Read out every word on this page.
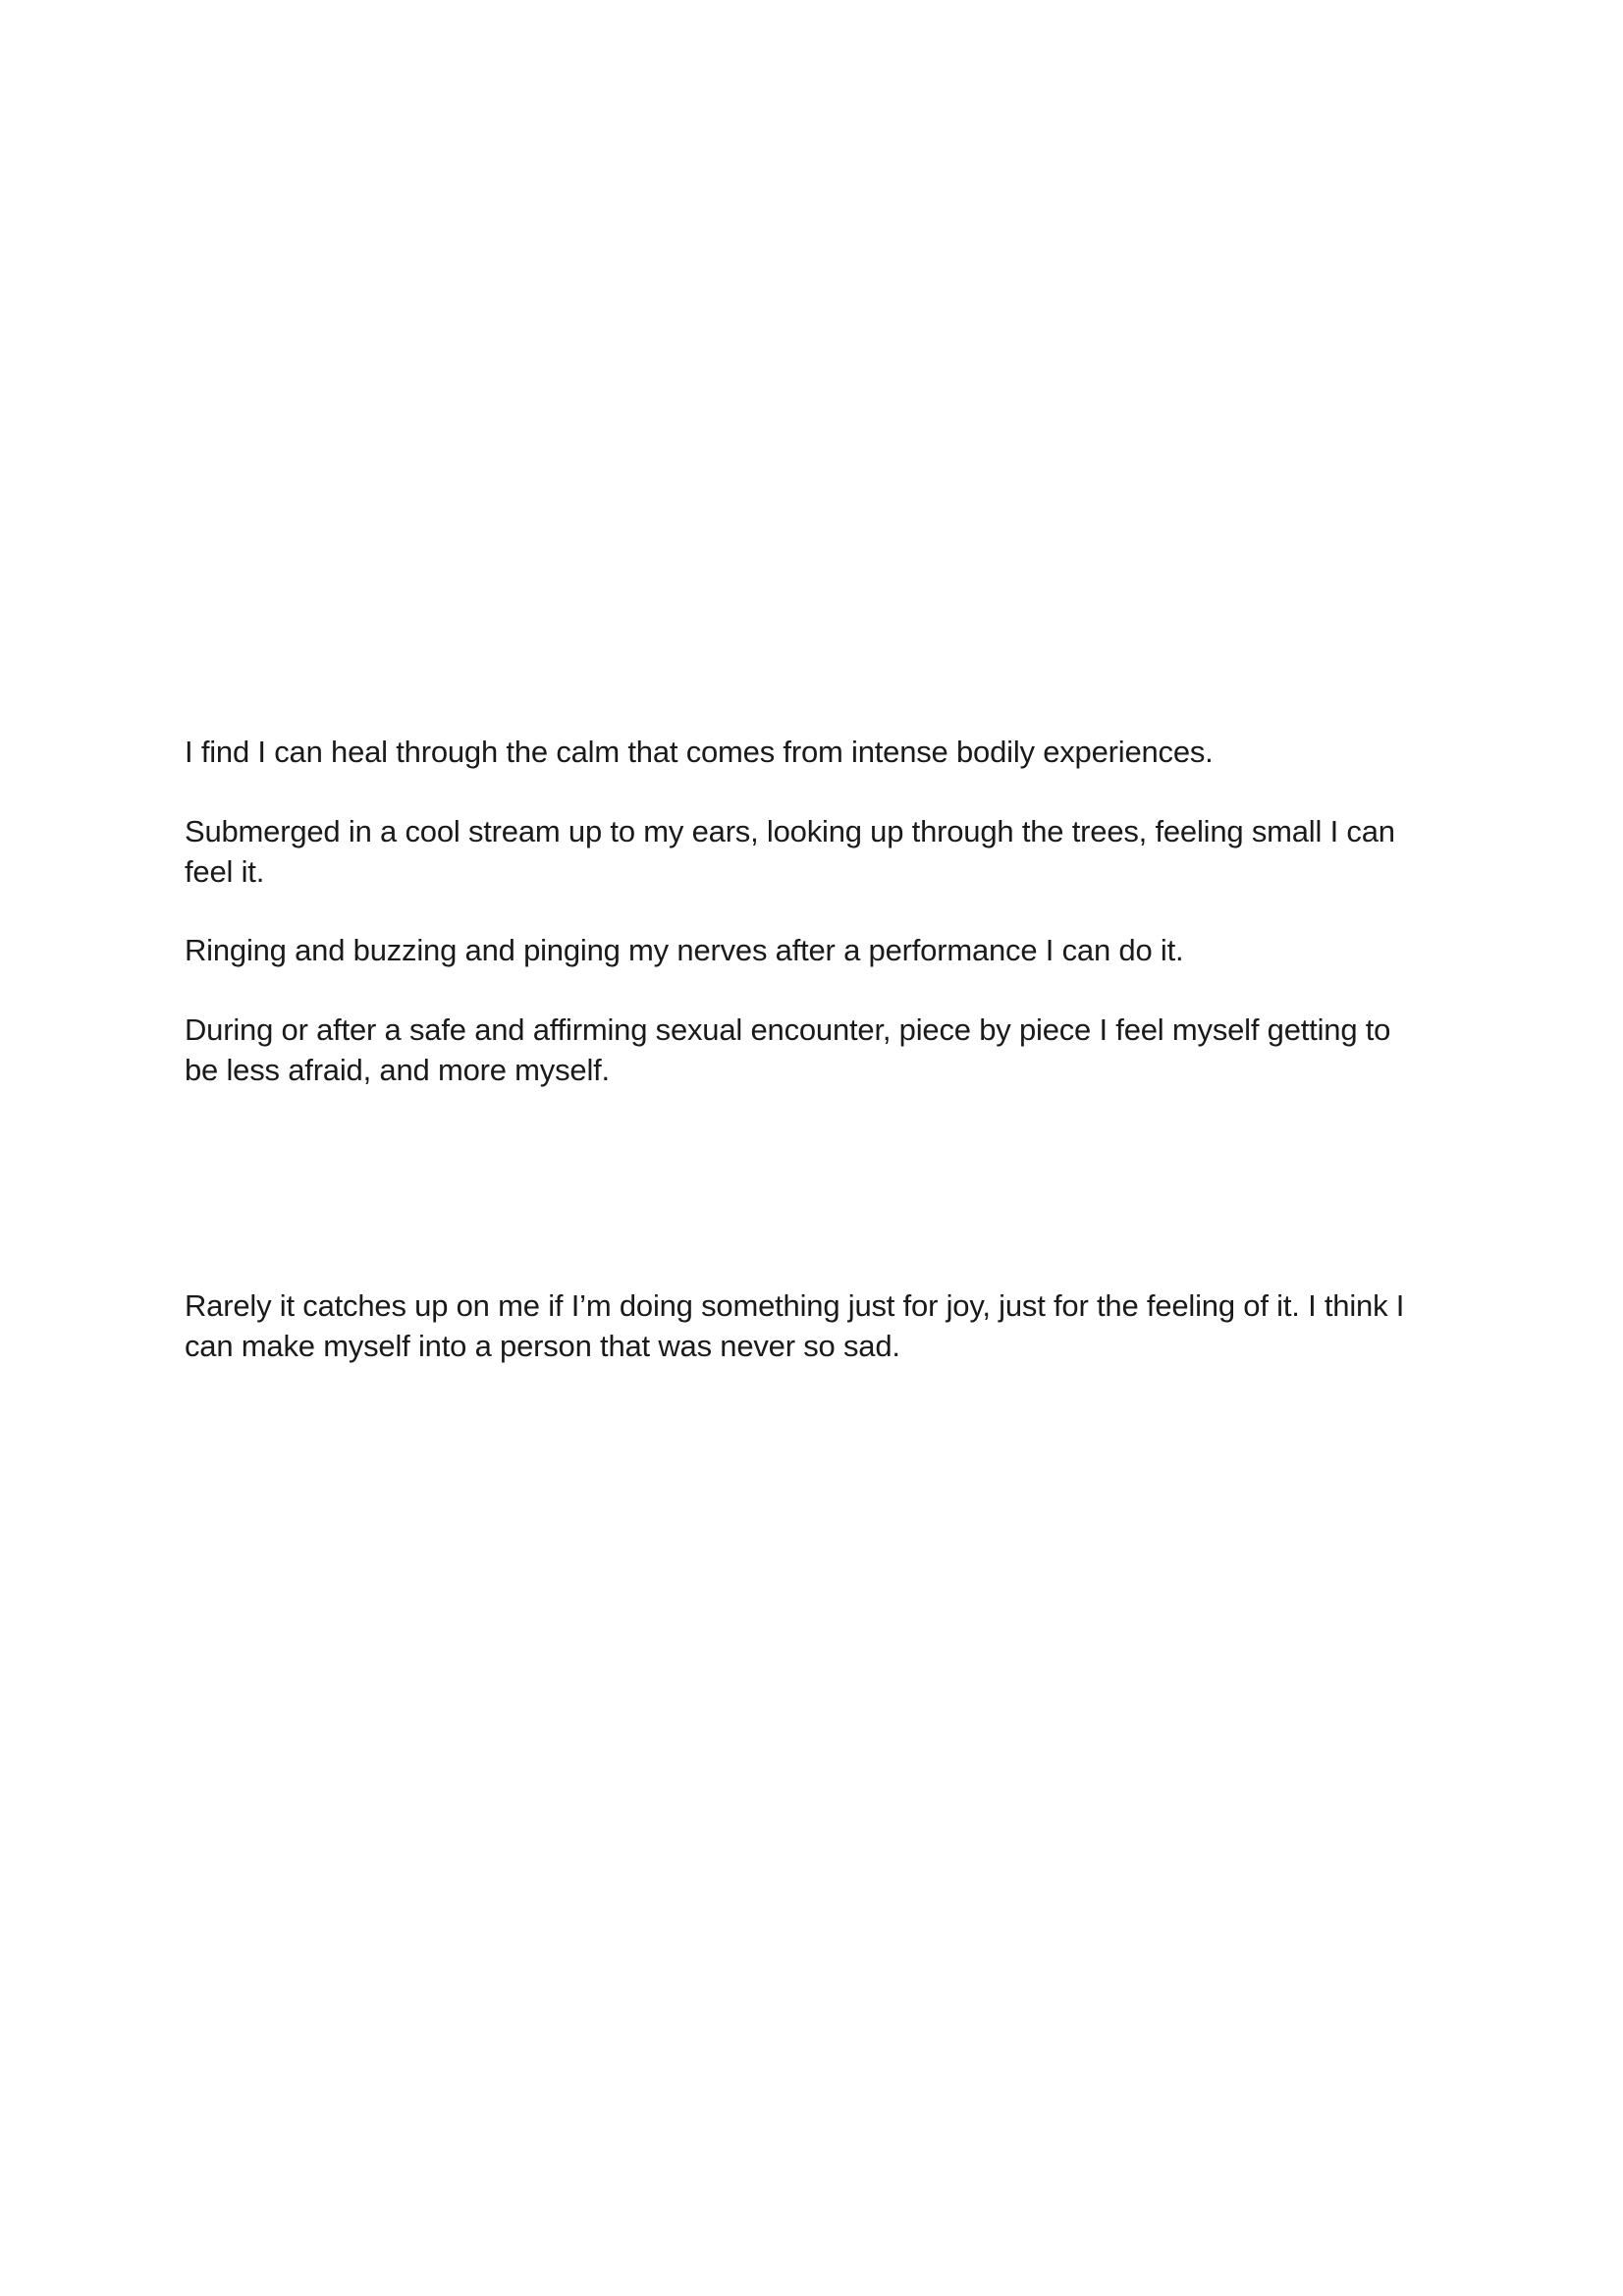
I find I can heal through the calm that comes from intense bodily experiences.

Submerged in a cool stream up to my ears, looking up through the trees, feeling small I can feel it.

Ringing and buzzing and pinging my nerves after a performance I can do it.

During or after a safe and affirming sexual encounter, piece by piece I feel myself getting to be less afraid, and more myself.

Rarely it catches up on me if I’m doing something just for joy, just for the feeling of it. I think I can make myself into a person that was never so sad.
